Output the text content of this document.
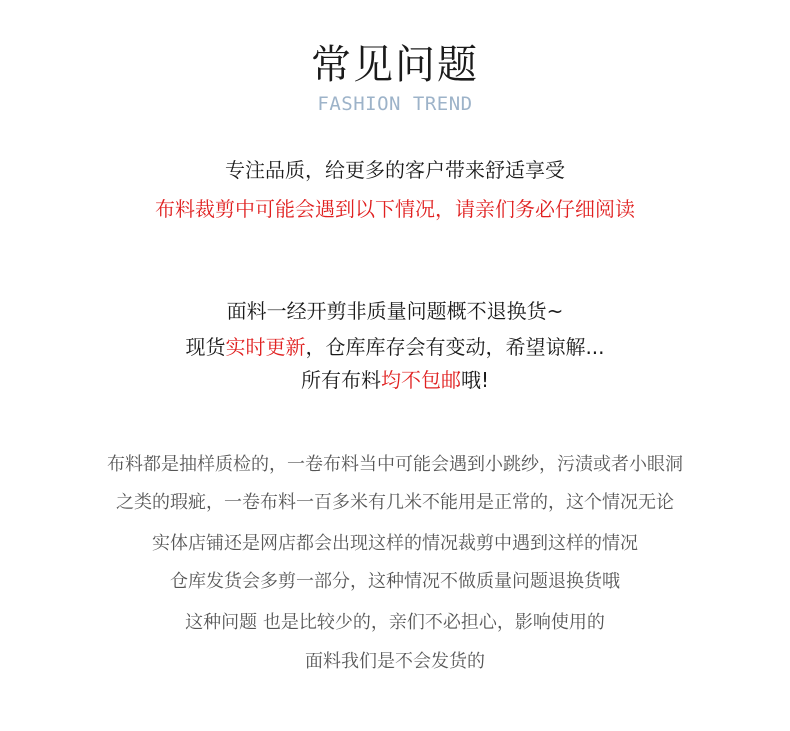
常见问题
FASHION TREND
专注品质，给更多的客户带来舒适享受
布料裁剪中可能会遇到以下情况，请亲们务必仔细阅读
面料一经开剪非质量问题概不退换货~
现货实时更新，仓库库存会有变动，希望谅解...
所有布料均不包邮哦!
布料都是抽样质检的，一卷布料当中可能会遇到小跳纱，污渍或者小眼洞
之类的瑕疵，一卷布料一百多米有几米不能用是正常的，这个情况无论
实体店铺还是网店都会出现这样的情况裁剪中遇到这样的情况
仓库发货会多剪一部分，这种情况不做质量问题退换货哦
这种问题 也是比较少的，亲们不必担心，影响使用的
面料我们是不会发货的
